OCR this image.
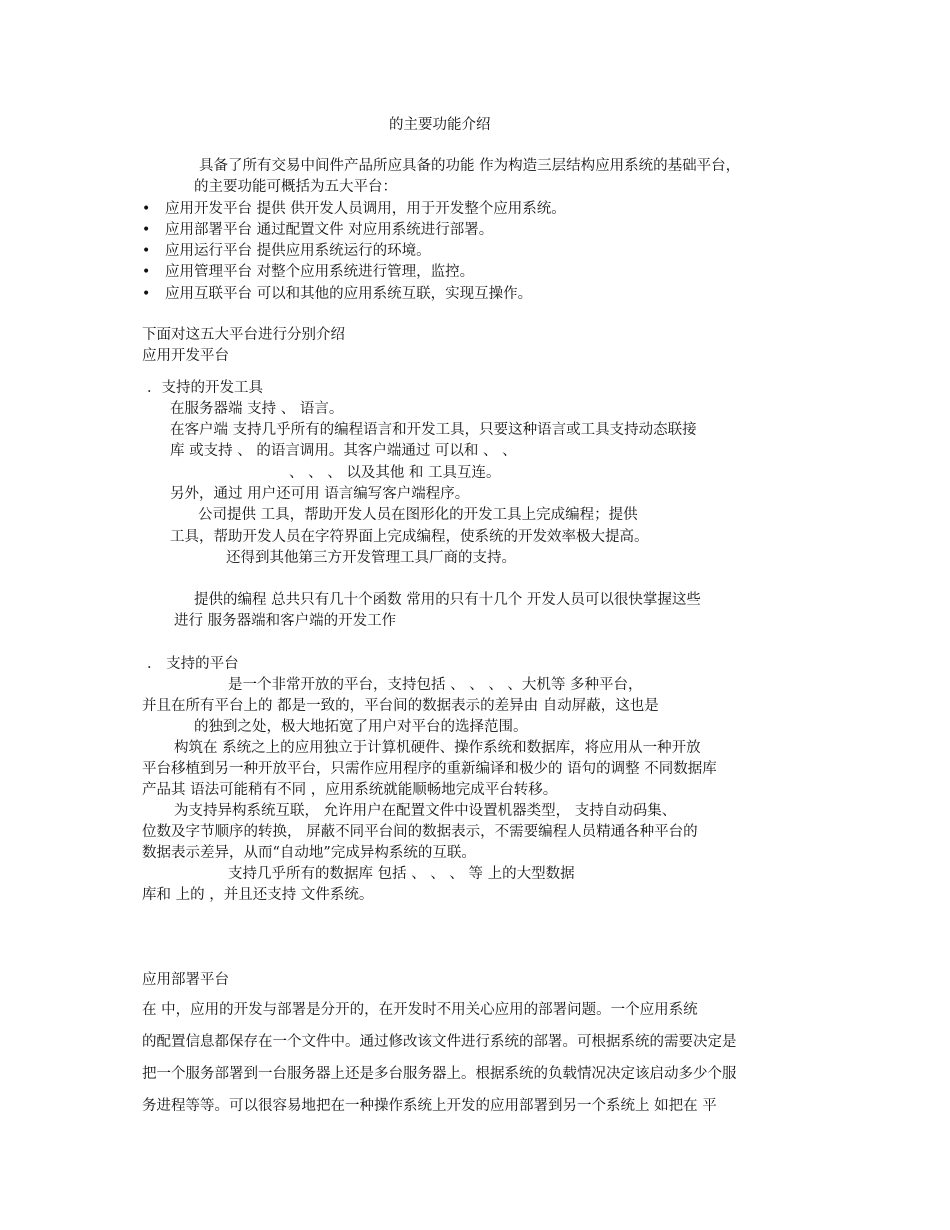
的主要功能介绍
具备了所有交易中间件产品所应具备的功能 作为构造三层结构应用系统的基础平台，
的主要功能可概括为五大平台：
• 应用开发平台 提供 供开发人员调用，用于开发整个应用系统。
• 应用部署平台 通过配置文件 对应用系统进行部署。
• 应用运行平台 提供应用系统运行的环境。
• 应用管理平台 对整个应用系统进行管理，监控。
• 应用互联平台 可以和其他的应用系统互联，实现互操作。
下面对这五大平台进行分别介绍
应用开发平台
．支持的开发工具
在服务器端 支持 、 语言。
在客户端 支持几乎所有的编程语言和开发工具，只要这种语言或工具支持动态联接
库 或支持 、 的语言调用。其客户端通过 可以和 、 、
、 、 、 以及其他 和 工具互连。
另外，通过 用户还可用 语言编写客户端程序。
公司提供 工具，帮助开发人员在图形化的开发工具上完成编程；提供
工具，帮助开发人员在字符界面上完成编程，使系统的开发效率极大提高。
还得到其他第三方开发管理工具厂商的支持。
提供的编程 总共只有几十个函数 常用的只有十几个 开发人员可以很快掌握这些
进行 服务器端和客户端的开发工作
． 支持的平台
是一个非常开放的平台，支持包括 、 、 、 、大机等 多种平台，
并且在所有平台上的 都是一致的，平台间的数据表示的差异由 自动屏蔽，这也是
的独到之处，极大地拓宽了用户对平台的选择范围。
构筑在 系统之上的应用独立于计算机硬件、操作系统和数据库，将应用从一种开放
平台移植到另一种开放平台，只需作应用程序的重新编译和极少的 语句的调整 不同数据库
产品其 语法可能稍有不同 ，应用系统就能顺畅地完成平台转移。
为支持异构系统互联， 允许用户在配置文件中设置机器类型， 支持自动码集、
位数及字节顺序的转换， 屏蔽不同平台间的数据表示，不需要编程人员精通各种平台的
数据表示差异，从而“自动地”完成异构系统的互联。
支持几乎所有的数据库 包括 、 、 、 等 上的大型数据
库和 上的 ，并且还支持 文件系统。
应用部署平台
在 中，应用的开发与部署是分开的，在开发时不用关心应用的部署问题。一个应用系统
的配置信息都保存在一个文件中。通过修改该文件进行系统的部署。可根据系统的需要决定是
把一个服务部署到一台服务器上还是多台服务器上。根据系统的负载情况决定该启动多少个服
务进程等等。可以很容易地把在一种操作系统上开发的应用部署到另一个系统上 如把在 平
